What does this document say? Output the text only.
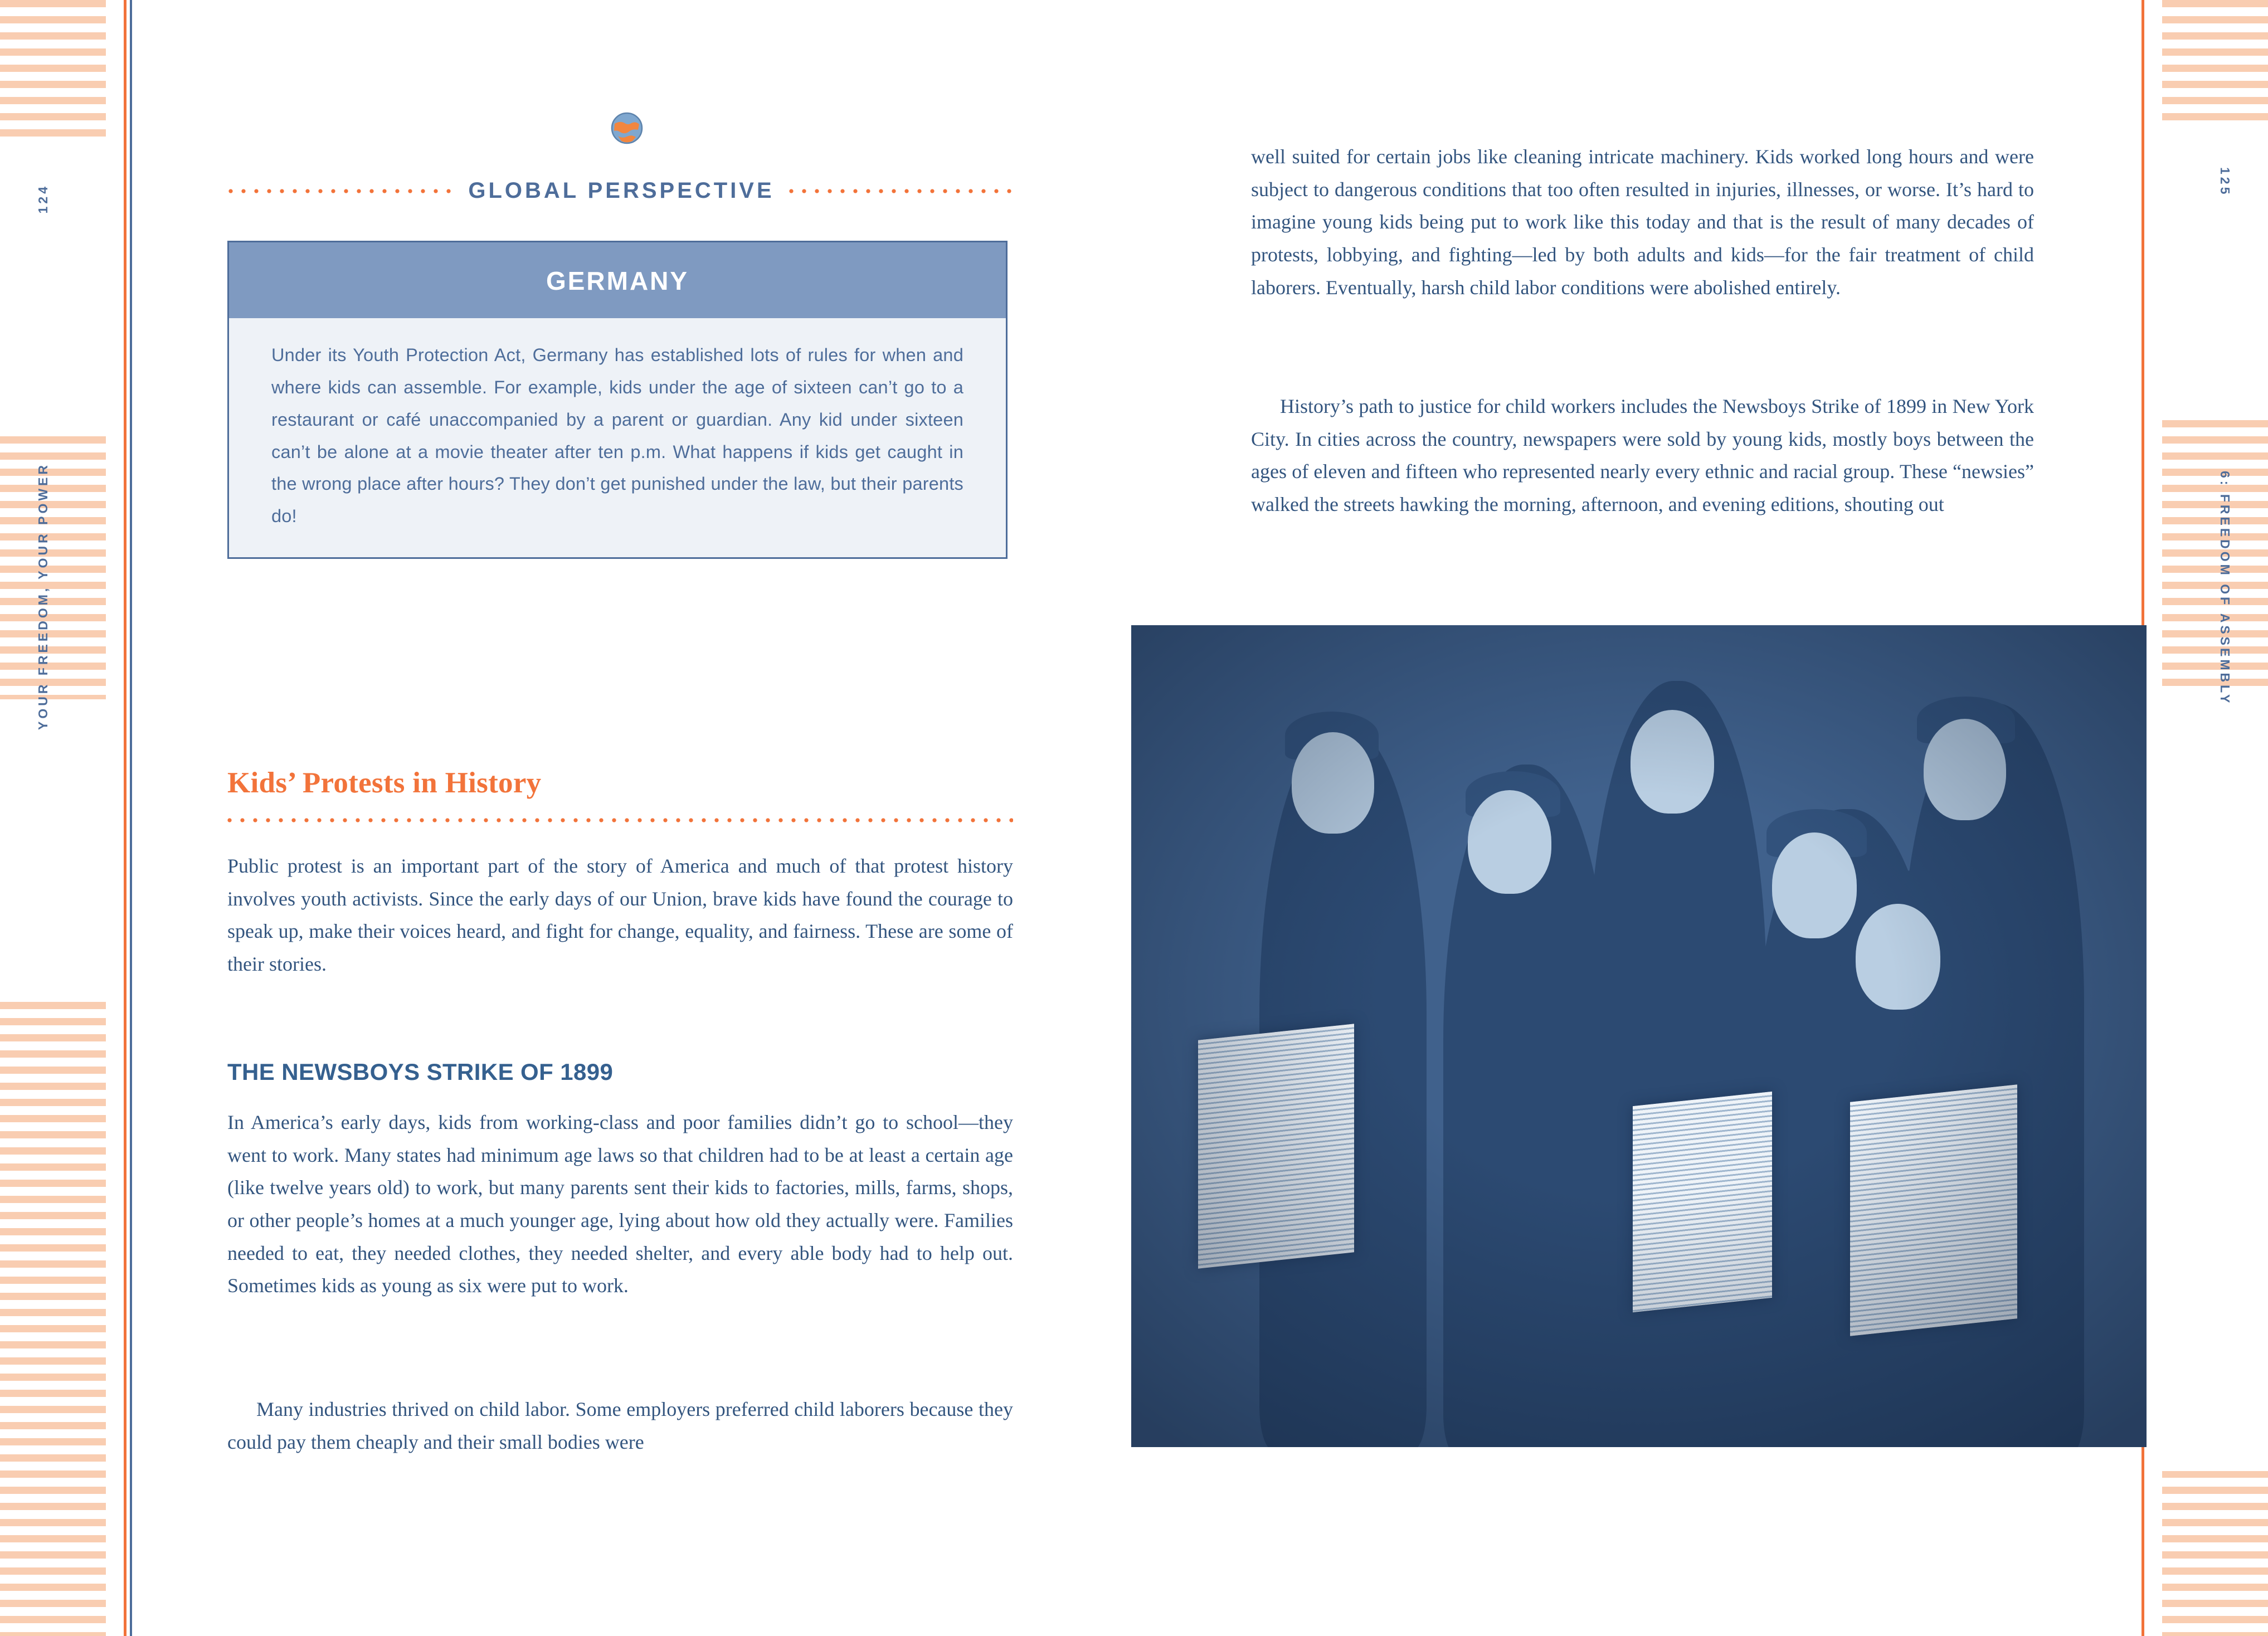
124
YOUR FREEDOM, YOUR POWER
125
6: FREEDOM OF ASSEMBLY
GLOBAL PERSPECTIVE
GERMANY
Under its Youth Protection Act, Germany has established lots of rules for when and where kids can assemble. For example, kids under the age of sixteen can’t go to a restaurant or café unaccompanied by a parent or guardian. Any kid under sixteen can’t be alone at a movie theater after ten p.m. What happens if kids get caught in the wrong place after hours? They don’t get punished under the law, but their parents do!
Kids’ Protests in History

Public protest is an important part of the story of America and much of that protest history involves youth activists. Since the early days of our Union, brave kids have found the courage to speak up, make their voices heard, and fight for change, equality, and fairness. These are some of their stories.

THE NEWSBOYS STRIKE OF 1899

In America’s early days, kids from working-class and poor families didn’t go to school—they went to work. Many states had minimum age laws so that children had to be at least a certain age (like twelve years old) to work, but many parents sent their kids to factories, mills, farms, shops, or other people’s homes at a much younger age, lying about how old they actually were. Families needed to eat, they needed clothes, they needed shelter, and every able body had to help out. Sometimes kids as young as six were put to work.

Many industries thrived on child labor. Some employers preferred child laborers because they could pay them cheaply and their small bodies were

well suited for certain jobs like cleaning intricate machinery. Kids worked long hours and were subject to dangerous conditions that too often resulted in injuries, illnesses, or worse. It’s hard to imagine young kids being put to work like this today and that is the result of many decades of protests, lobbying, and fighting—led by both adults and kids—for the fair treatment of child laborers. Eventually, harsh child labor conditions were abolished entirely.

History’s path to justice for child workers includes the Newsboys Strike of 1899 in New York City. In cities across the country, newspapers were sold by young kids, mostly boys between the ages of eleven and fifteen who represented nearly every ethnic and racial group. These “newsies” walked the streets hawking the morning, afternoon, and evening editions, shouting out
